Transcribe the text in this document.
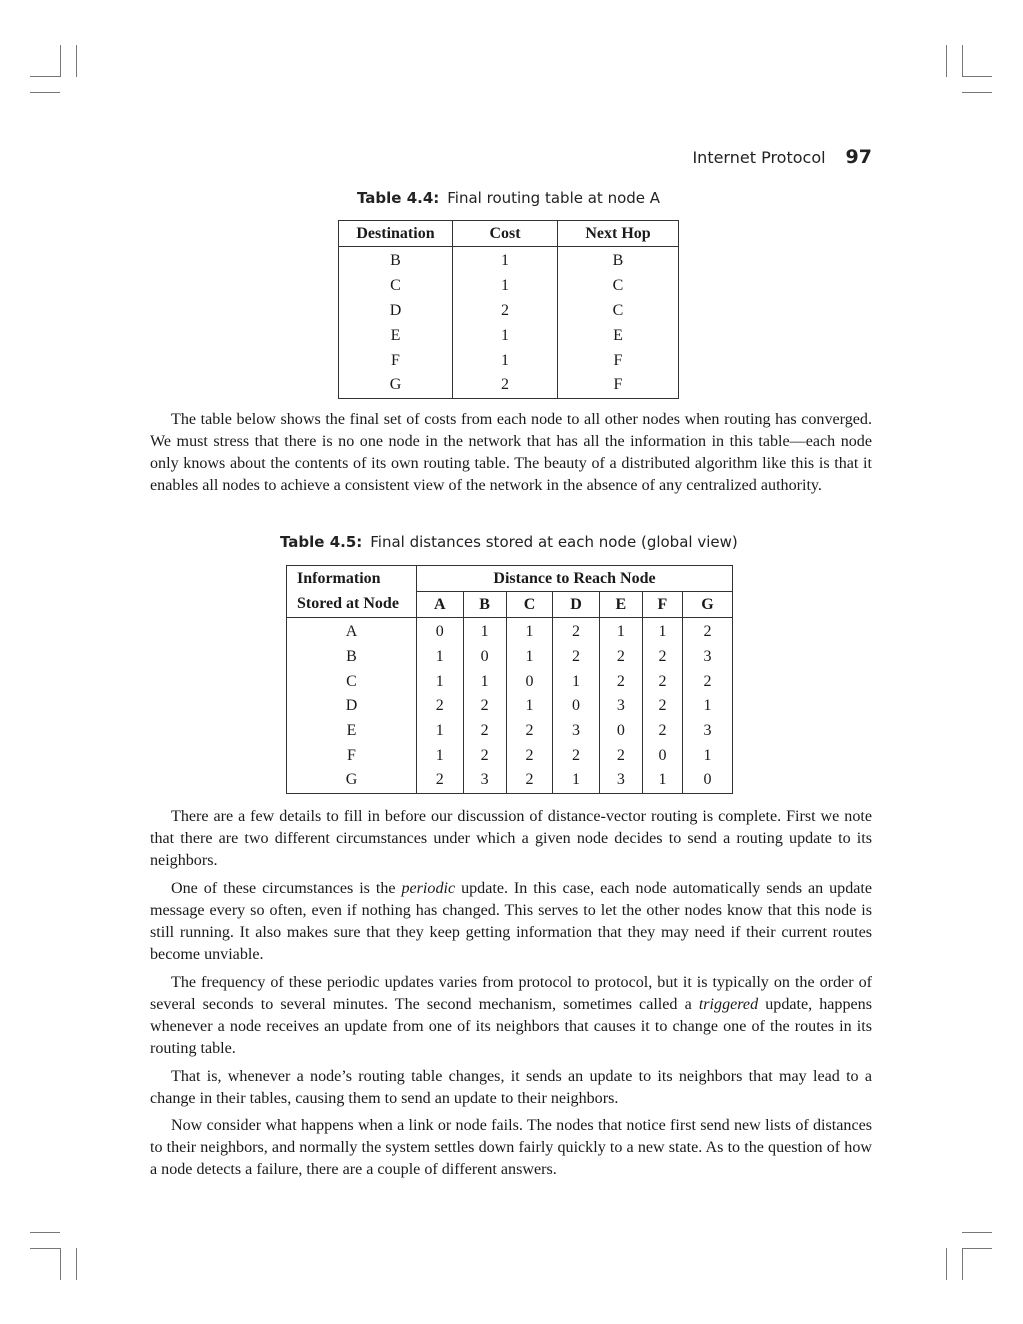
Internet Protocol 97
Table 4.4: Final routing table at node A
Destination	Cost	Next Hop
B	1	B
C	1	C
D	2	C
E	1	E
F	1	F
G	2	F

The table below shows the final set of costs from each node to all other nodes when routing has converged. We must stress that there is no one node in the network that has all the information in this table—each node only knows about the contents of its own routing table. The beauty of a distributed algorithm like this is that it enables all nodes to achieve a consistent view of the network in the absence of any centralized authority.

Table 4.5: Final distances stored at each node (global view)
Information	Distance to Reach Node						
Stored at Node	A	B	C	D	E	F	G
A	0	1	1	2	1	1	2
B	1	0	1	2	2	2	3
C	1	1	0	1	2	2	2
D	2	2	1	0	3	2	1
E	1	2	2	3	0	2	3
F	1	2	2	2	2	0	1
G	2	3	2	1	3	1	0

There are a few details to fill in before our discussion of distance-vector routing is complete. First we note that there are two different circumstances under which a given node decides to send a routing update to its neighbors.

One of these circumstances is the periodic update. In this case, each node automatically sends an update message every so often, even if nothing has changed. This serves to let the other nodes know that this node is still running. It also makes sure that they keep getting information that they may need if their current routes become unviable.

The frequency of these periodic updates varies from protocol to protocol, but it is typically on the order of several seconds to several minutes. The second mechanism, sometimes called a triggered update, happens whenever a node receives an update from one of its neighbors that causes it to change one of the routes in its routing table.

That is, whenever a node’s routing table changes, it sends an update to its neighbors that may lead to a change in their tables, causing them to send an update to their neighbors.

Now consider what happens when a link or node fails. The nodes that notice first send new lists of distances to their neighbors, and normally the system settles down fairly quickly to a new state. As to the question of how a node detects a failure, there are a couple of different answers.
